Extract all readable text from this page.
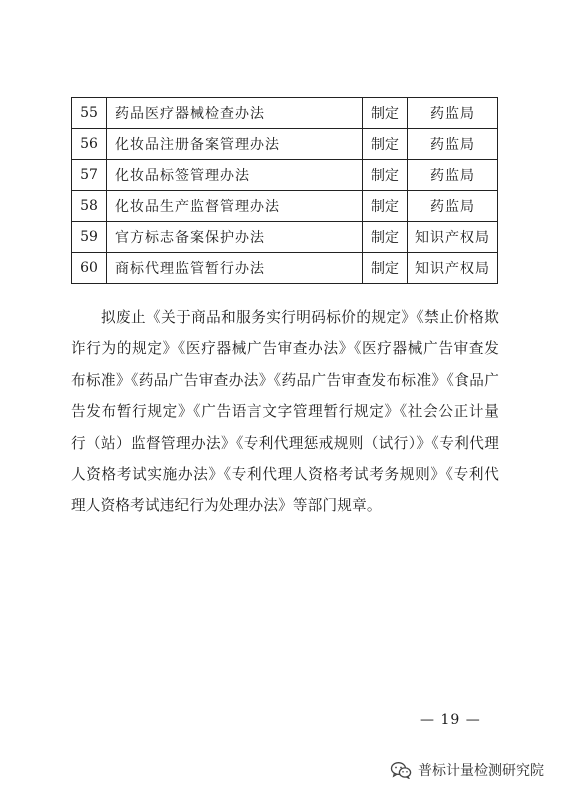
55	药品医疗器械检查办法	制定	药监局
56	化妆品注册备案管理办法	制定	药监局
57	化妆品标签管理办法	制定	药监局
58	化妆品生产监督管理办法	制定	药监局
59	官方标志备案保护办法	制定	知识产权局
60	商标代理监管暂行办法	制定	知识产权局

拟废止《关于商品和服务实行明码标价的规定》《禁止价格欺诈行为的规定》《医疗器械广告审查办法》《医疗器械广告审查发布标准》《药品广告审查办法》《药品广告审查发布标准》《食品广告发布暂行规定》《广告语言文字管理暂行规定》《社会公正计量行（站）监督管理办法》《专利代理惩戒规则（试行）》《专利代理人资格考试实施办法》《专利代理人资格考试考务规则》《专利代理人资格考试违纪行为处理办法》等部门规章。

— 19 —
普标计量检测研究院
